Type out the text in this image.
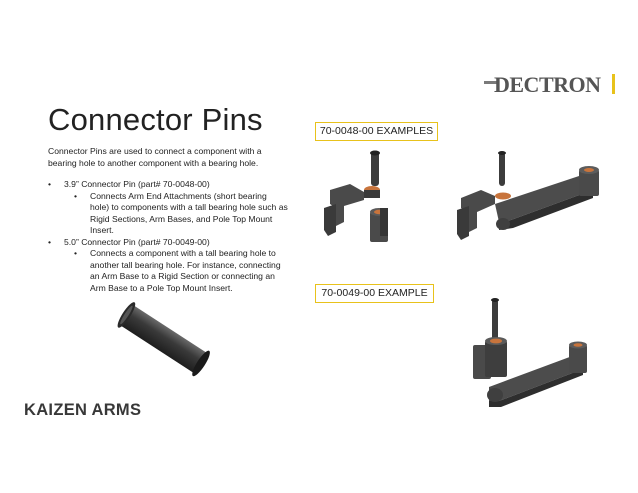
DECTRON
Connector Pins
Connector Pins are used to connect a component with a bearing hole to another component with a bearing hole.
• 3.9” Connector Pin (part# 70-0048-00)
• Connects Arm End Attachments (short bearing hole) to components with a tall bearing hole such as Rigid Sections, Arm Bases, and Pole Top Mount Insert.
• 5.0” Connector Pin (part# 70-0049-00)
• Connects a component with a tall bearing hole to another tall bearing hole. For instance, connecting an Arm Base to a Rigid Section or connecting an Arm Base to a Pole Top Mount Insert.
KAIZEN ARMS
70-0048-00 EXAMPLES
70-0049-00 EXAMPLE
